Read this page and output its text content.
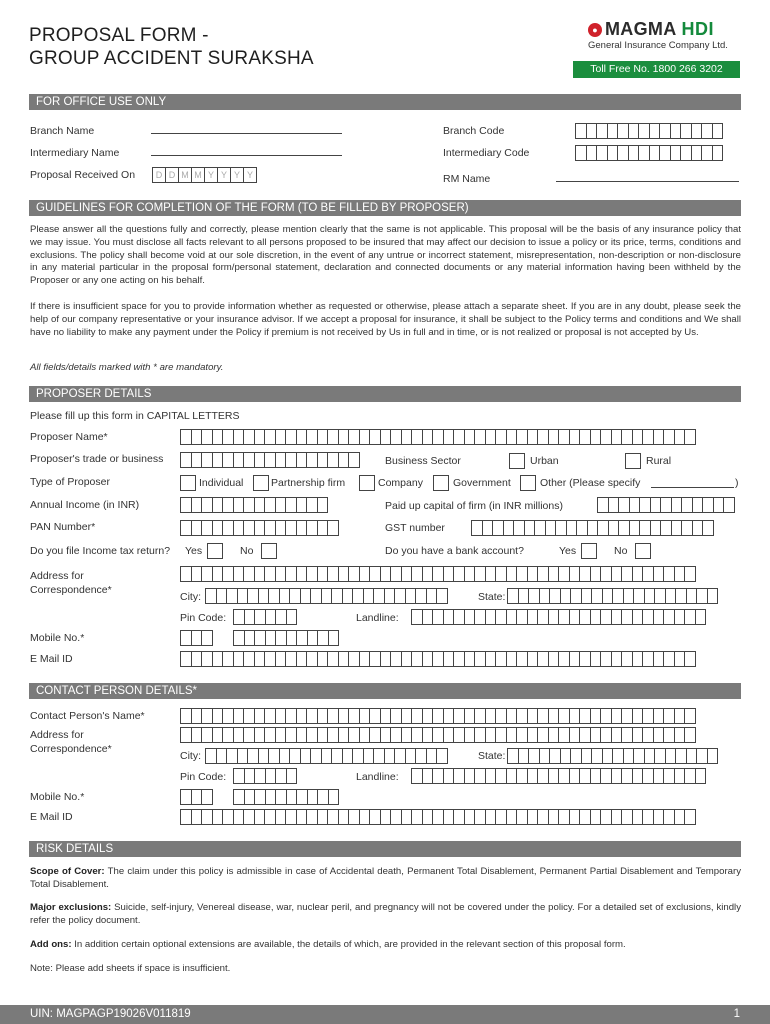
PROPOSAL FORM -
GROUP ACCIDENT SURAKSHA
● MAGMA HDI
General Insurance Company Ltd.
Toll Free No. 1800 266 3202
FOR OFFICE USE ONLY
Branch Name
Intermediary Name
Proposal Received On	D D M M Y Y Y Y
Branch Code
Intermediary Code
RM Name
GUIDELINES FOR COMPLETION OF THE FORM (TO BE FILLED BY PROPOSER)
Please answer all the questions fully and correctly, please mention clearly that the same is not applicable. This proposal will be the basis of any insurance policy that we may issue. You must disclose all facts relevant to all persons proposed to be insured that may affect our decision to issue a policy or its price, terms, conditions and exclusions. The policy shall become void at our sole discretion, in the event of any untrue or incorrect statement, misrepresentation, non-description or non-disclosure in any material particular in the proposal form/personal statement, declaration and connected documents or any material information having been withheld by the Proposer or any one acting on his behalf.
If there is insufficient space for you to provide information whether as requested or otherwise, please attach a separate sheet. If you are in any doubt, please seek the help of our company representative or your insurance advisor. If we accept a proposal for insurance, it shall be subject to the Policy terms and conditions and We shall have no liability to make any payment under the Policy if premium is not received by Us in full and in time, or is not realized or proposal is not accepted by Us.
All fields/details marked with * are mandatory.
PROPOSER DETAILS
Please fill up this form in CAPITAL LETTERS
Proposer Name*
Proposer's trade or business	Business Sector	Urban	Rural
Type of Proposer	Individual	Partnership firm	Company	Government	Other (Please specify	)
Annual Income (in INR)	Paid up capital of firm (in INR millions)
PAN Number*	GST number
Do you file Income tax return? Yes	No	Do you have a bank account?	Yes	No
Address for
Correspondence*
City:	State:
Pin Code:	Landline:
Mobile No.*
E Mail ID
CONTACT PERSON DETAILS*
Contact Person's Name*
Address for
Correspondence*
City:	State:
Pin Code:	Landline:
Mobile No.*
E Mail ID
RISK DETAILS
Scope of Cover: The claim under this policy is admissible in case of Accidental death, Permanent Total Disablement, Permanent Partial Disablement and Temporary Total Disablement.
Major exclusions: Suicide, self-injury, Venereal disease, war, nuclear peril, and pregnancy will not be covered under the policy. For a detailed set of exclusions, kindly refer the policy document.
Add ons: In addition certain optional extensions are available, the details of which, are provided in the relevant section of this proposal form.
Note: Please add sheets if space is insufficient.
UIN: MAGPAGP19026V011819	1
